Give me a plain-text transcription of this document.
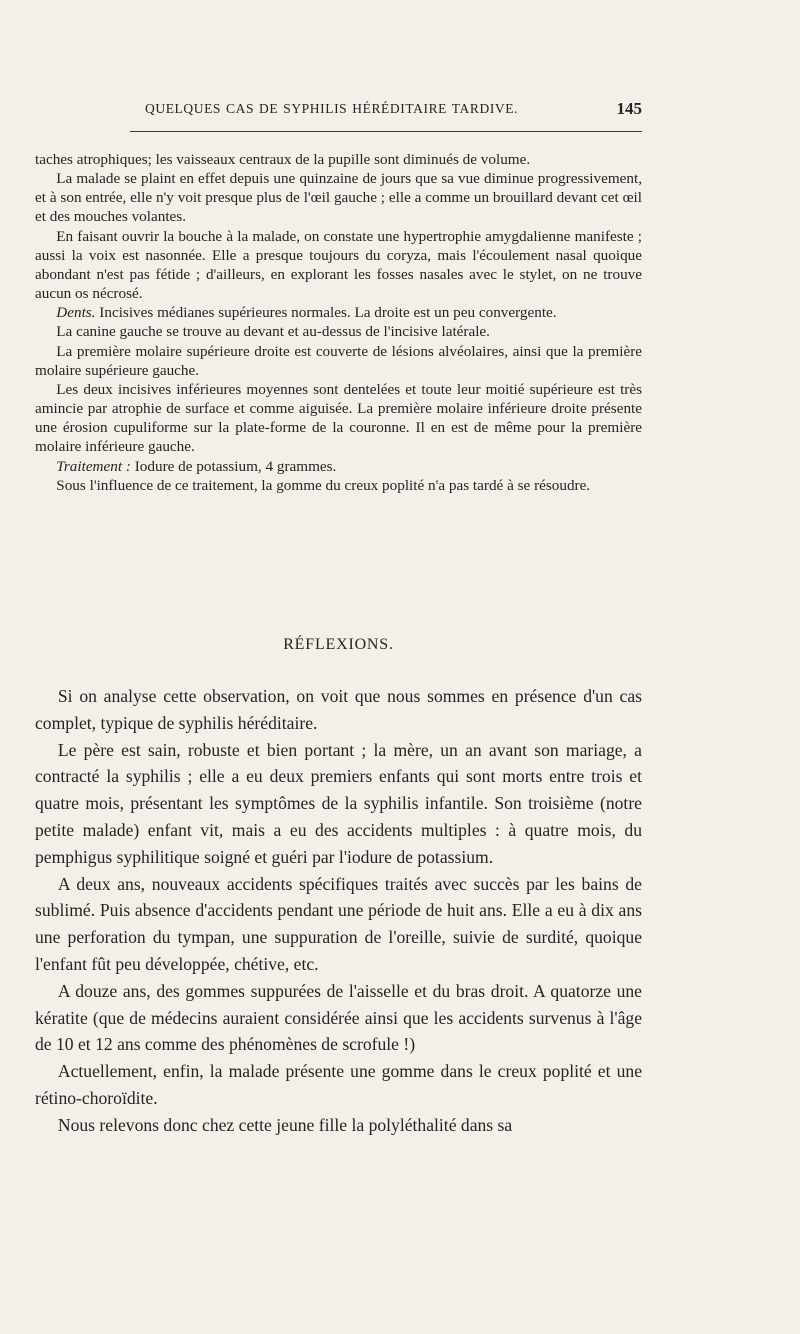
QUELQUES CAS DE SYPHILIS HÉRÉDITAIRE TARDIVE.	145

taches atrophiques; les vaisseaux centraux de la pupille sont diminués de volume.

La malade se plaint en effet depuis une quinzaine de jours que sa vue diminue progressivement, et à son entrée, elle n'y voit presque plus de l'œil gauche ; elle a comme un brouillard devant cet œil et des mouches volantes.

En faisant ouvrir la bouche à la malade, on constate une hypertrophie amygdalienne manifeste ; aussi la voix est nasonnée. Elle a presque toujours du coryza, mais l'écoulement nasal quoique abondant n'est pas fétide ; d'ailleurs, en explorant les fosses nasales avec le stylet, on ne trouve aucun os nécrosé.

Dents. Incisives médianes supérieures normales. La droite est un peu convergente.

La canine gauche se trouve au devant et au-dessus de l'incisive latérale.

La première molaire supérieure droite est couverte de lésions alvéolaires, ainsi que la première molaire supérieure gauche.

Les deux incisives inférieures moyennes sont dentelées et toute leur moitié supérieure est très amincie par atrophie de surface et comme aiguisée. La première molaire inférieure droite présente une érosion cupuliforme sur la plate-forme de la couronne. Il en est de même pour la première molaire inférieure gauche.

Traitement : Iodure de potassium, 4 grammes.

Sous l'influence de ce traitement, la gomme du creux poplité n'a pas tardé à se résoudre.

RÉFLEXIONS.

Si on analyse cette observation, on voit que nous sommes en présence d'un cas complet, typique de syphilis héréditaire.

Le père est sain, robuste et bien portant ; la mère, un an avant son mariage, a contracté la syphilis ; elle a eu deux premiers enfants qui sont morts entre trois et quatre mois, présentant les symptômes de la syphilis infantile. Son troisième (notre petite malade) enfant vit, mais a eu des accidents multiples : à quatre mois, du pemphigus syphilitique soigné et guéri par l'iodure de potassium.

A deux ans, nouveaux accidents spécifiques traités avec succès par les bains de sublimé. Puis absence d'accidents pendant une période de huit ans. Elle a eu à dix ans une perforation du tympan, une suppuration de l'oreille, suivie de surdité, quoique l'enfant fût peu développée, chétive, etc.

A douze ans, des gommes suppurées de l'aisselle et du bras droit. A quatorze une kératite (que de médecins auraient considérée ainsi que les accidents survenus à l'âge de 10 et 12 ans comme des phénomènes de scrofule !)

Actuellement, enfin, la malade présente une gomme dans le creux poplité et une rétino-choroïdite.

Nous relevons donc chez cette jeune fille la polyléthalité dans sa
